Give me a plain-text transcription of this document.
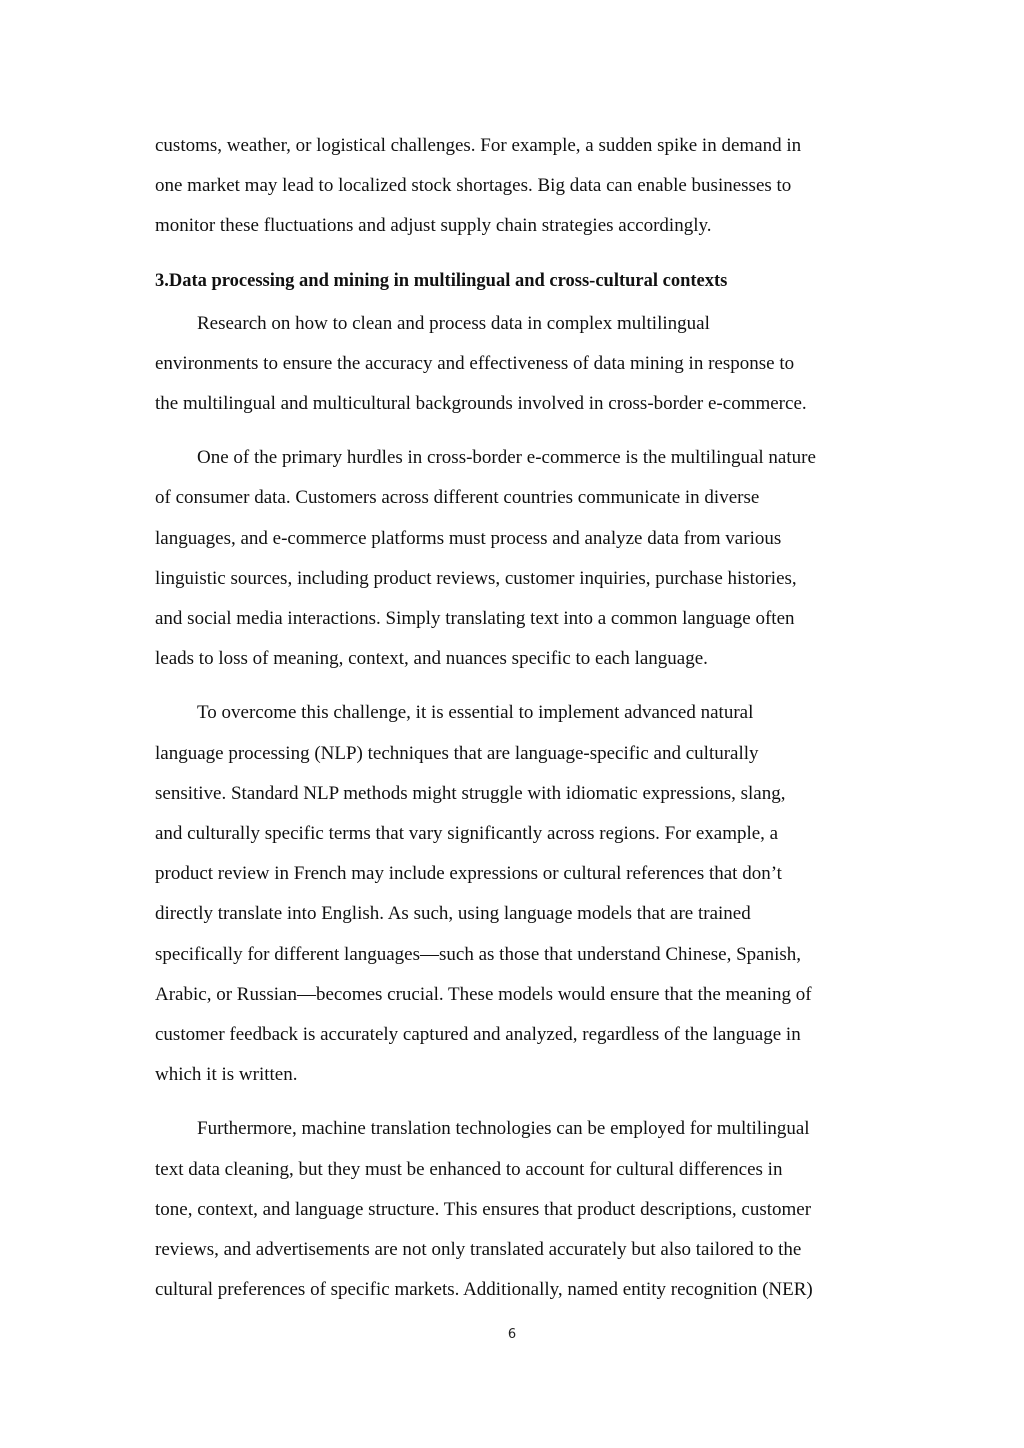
customs, weather, or logistical challenges. For example, a sudden spike in demand in
one market may lead to localized stock shortages. Big data can enable businesses to
monitor these fluctuations and adjust supply chain strategies accordingly.
3.Data processing and mining in multilingual and cross-cultural contexts
Research on how to clean and process data in complex multilingual
environments to ensure the accuracy and effectiveness of data mining in response to
the multilingual and multicultural backgrounds involved in cross-border e-commerce.
One of the primary hurdles in cross-border e-commerce is the multilingual nature
of consumer data. Customers across different countries communicate in diverse
languages, and e-commerce platforms must process and analyze data from various
linguistic sources, including product reviews, customer inquiries, purchase histories,
and social media interactions. Simply translating text into a common language often
leads to loss of meaning, context, and nuances specific to each language.
To overcome this challenge, it is essential to implement advanced natural
language processing (NLP) techniques that are language-specific and culturally
sensitive. Standard NLP methods might struggle with idiomatic expressions, slang,
and culturally specific terms that vary significantly across regions. For example, a
product review in French may include expressions or cultural references that don’t
directly translate into English. As such, using language models that are trained
specifically for different languages—such as those that understand Chinese, Spanish,
Arabic, or Russian—becomes crucial. These models would ensure that the meaning of
customer feedback is accurately captured and analyzed, regardless of the language in
which it is written.
Furthermore, machine translation technologies can be employed for multilingual
text data cleaning, but they must be enhanced to account for cultural differences in
tone, context, and language structure. This ensures that product descriptions, customer
reviews, and advertisements are not only translated accurately but also tailored to the
cultural preferences of specific markets. Additionally, named entity recognition (NER)
6
